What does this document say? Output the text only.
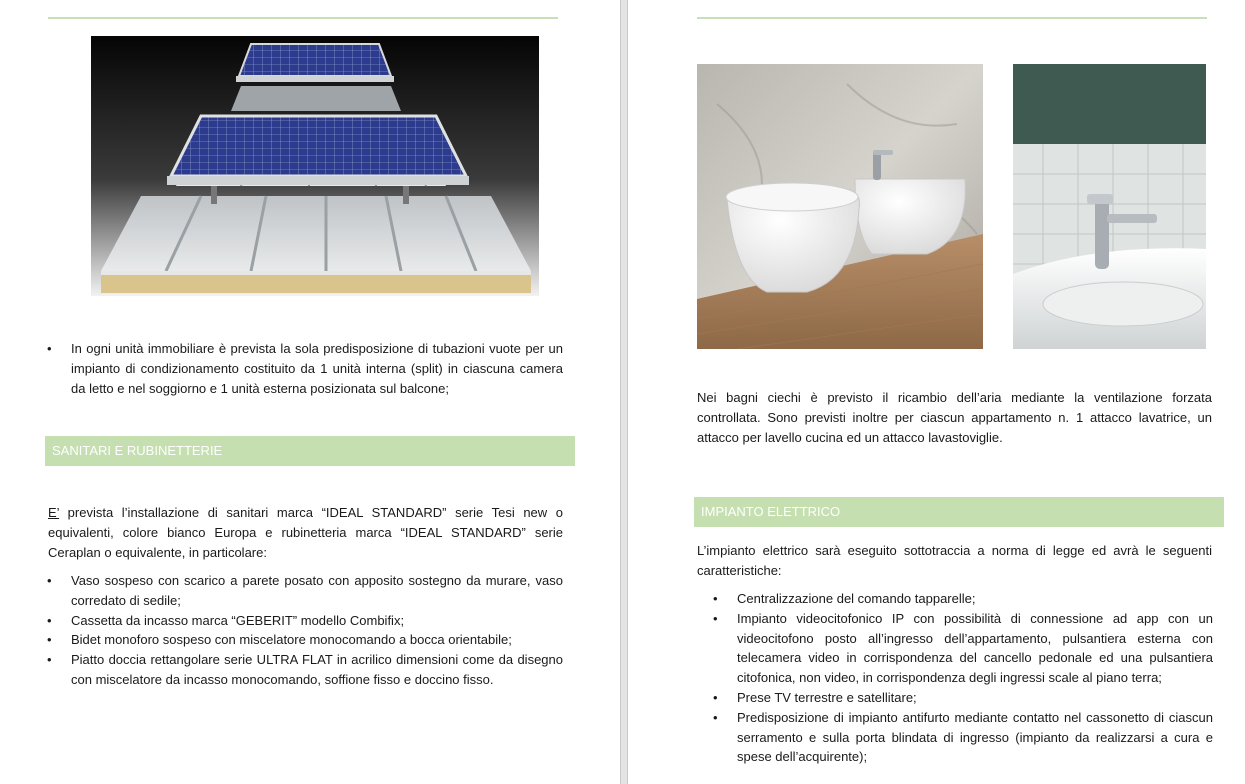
• In ogni unità immobiliare è prevista la sola predisposizione di tubazioni vuote per un impianto di condizionamento costituito da 1 unità interna (split) in ciascuna camera da letto e nel soggiorno e 1 unità esterna posizionata sul balcone;
SANITARI E RUBINETTERIE

E’ prevista l’installazione di sanitari marca “IDEAL STANDARD” serie Tesi new o equivalenti, colore bianco Europa e rubinetteria marca “IDEAL STANDARD” serie Ceraplan o equivalente, in particolare:

• Vaso sospeso con scarico a parete posato con apposito sostegno da murare, vaso corredato di sedile;
• Cassetta da incasso marca “GEBERIT” modello Combifix;
• Bidet monoforo sospeso con miscelatore monocomando a bocca orientabile;
• Piatto doccia rettangolare serie ULTRA FLAT in acrilico dimensioni come da disegno con miscelatore da incasso monocomando, soffione fisso e doccino fisso.

Nei bagni ciechi è previsto il ricambio dell’aria mediante la ventilazione forzata controllata. Sono previsti inoltre per ciascun appartamento n. 1 attacco lavatrice, un attacco per lavello cucina ed un attacco lavastoviglie.

IMPIANTO ELETTRICO

L’impianto elettrico sarà eseguito sottotraccia a norma di legge ed avrà le seguenti caratteristiche:

• Centralizzazione del comando tapparelle;
• Impianto videocitofonico IP con possibilità di connessione ad app con un videocitofono posto all’ingresso dell’appartamento, pulsantiera esterna con telecamera video in corrispondenza del cancello pedonale ed una pulsantiera citofonica, non video, in corrispondenza degli ingressi scale al piano terra;
• Prese TV terrestre e satellitare;
• Predisposizione di impianto antifurto mediante contatto nel cassonetto di ciascun serramento e sulla porta blindata di ingresso (impianto da realizzarsi a cura e spese dell’acquirente);
